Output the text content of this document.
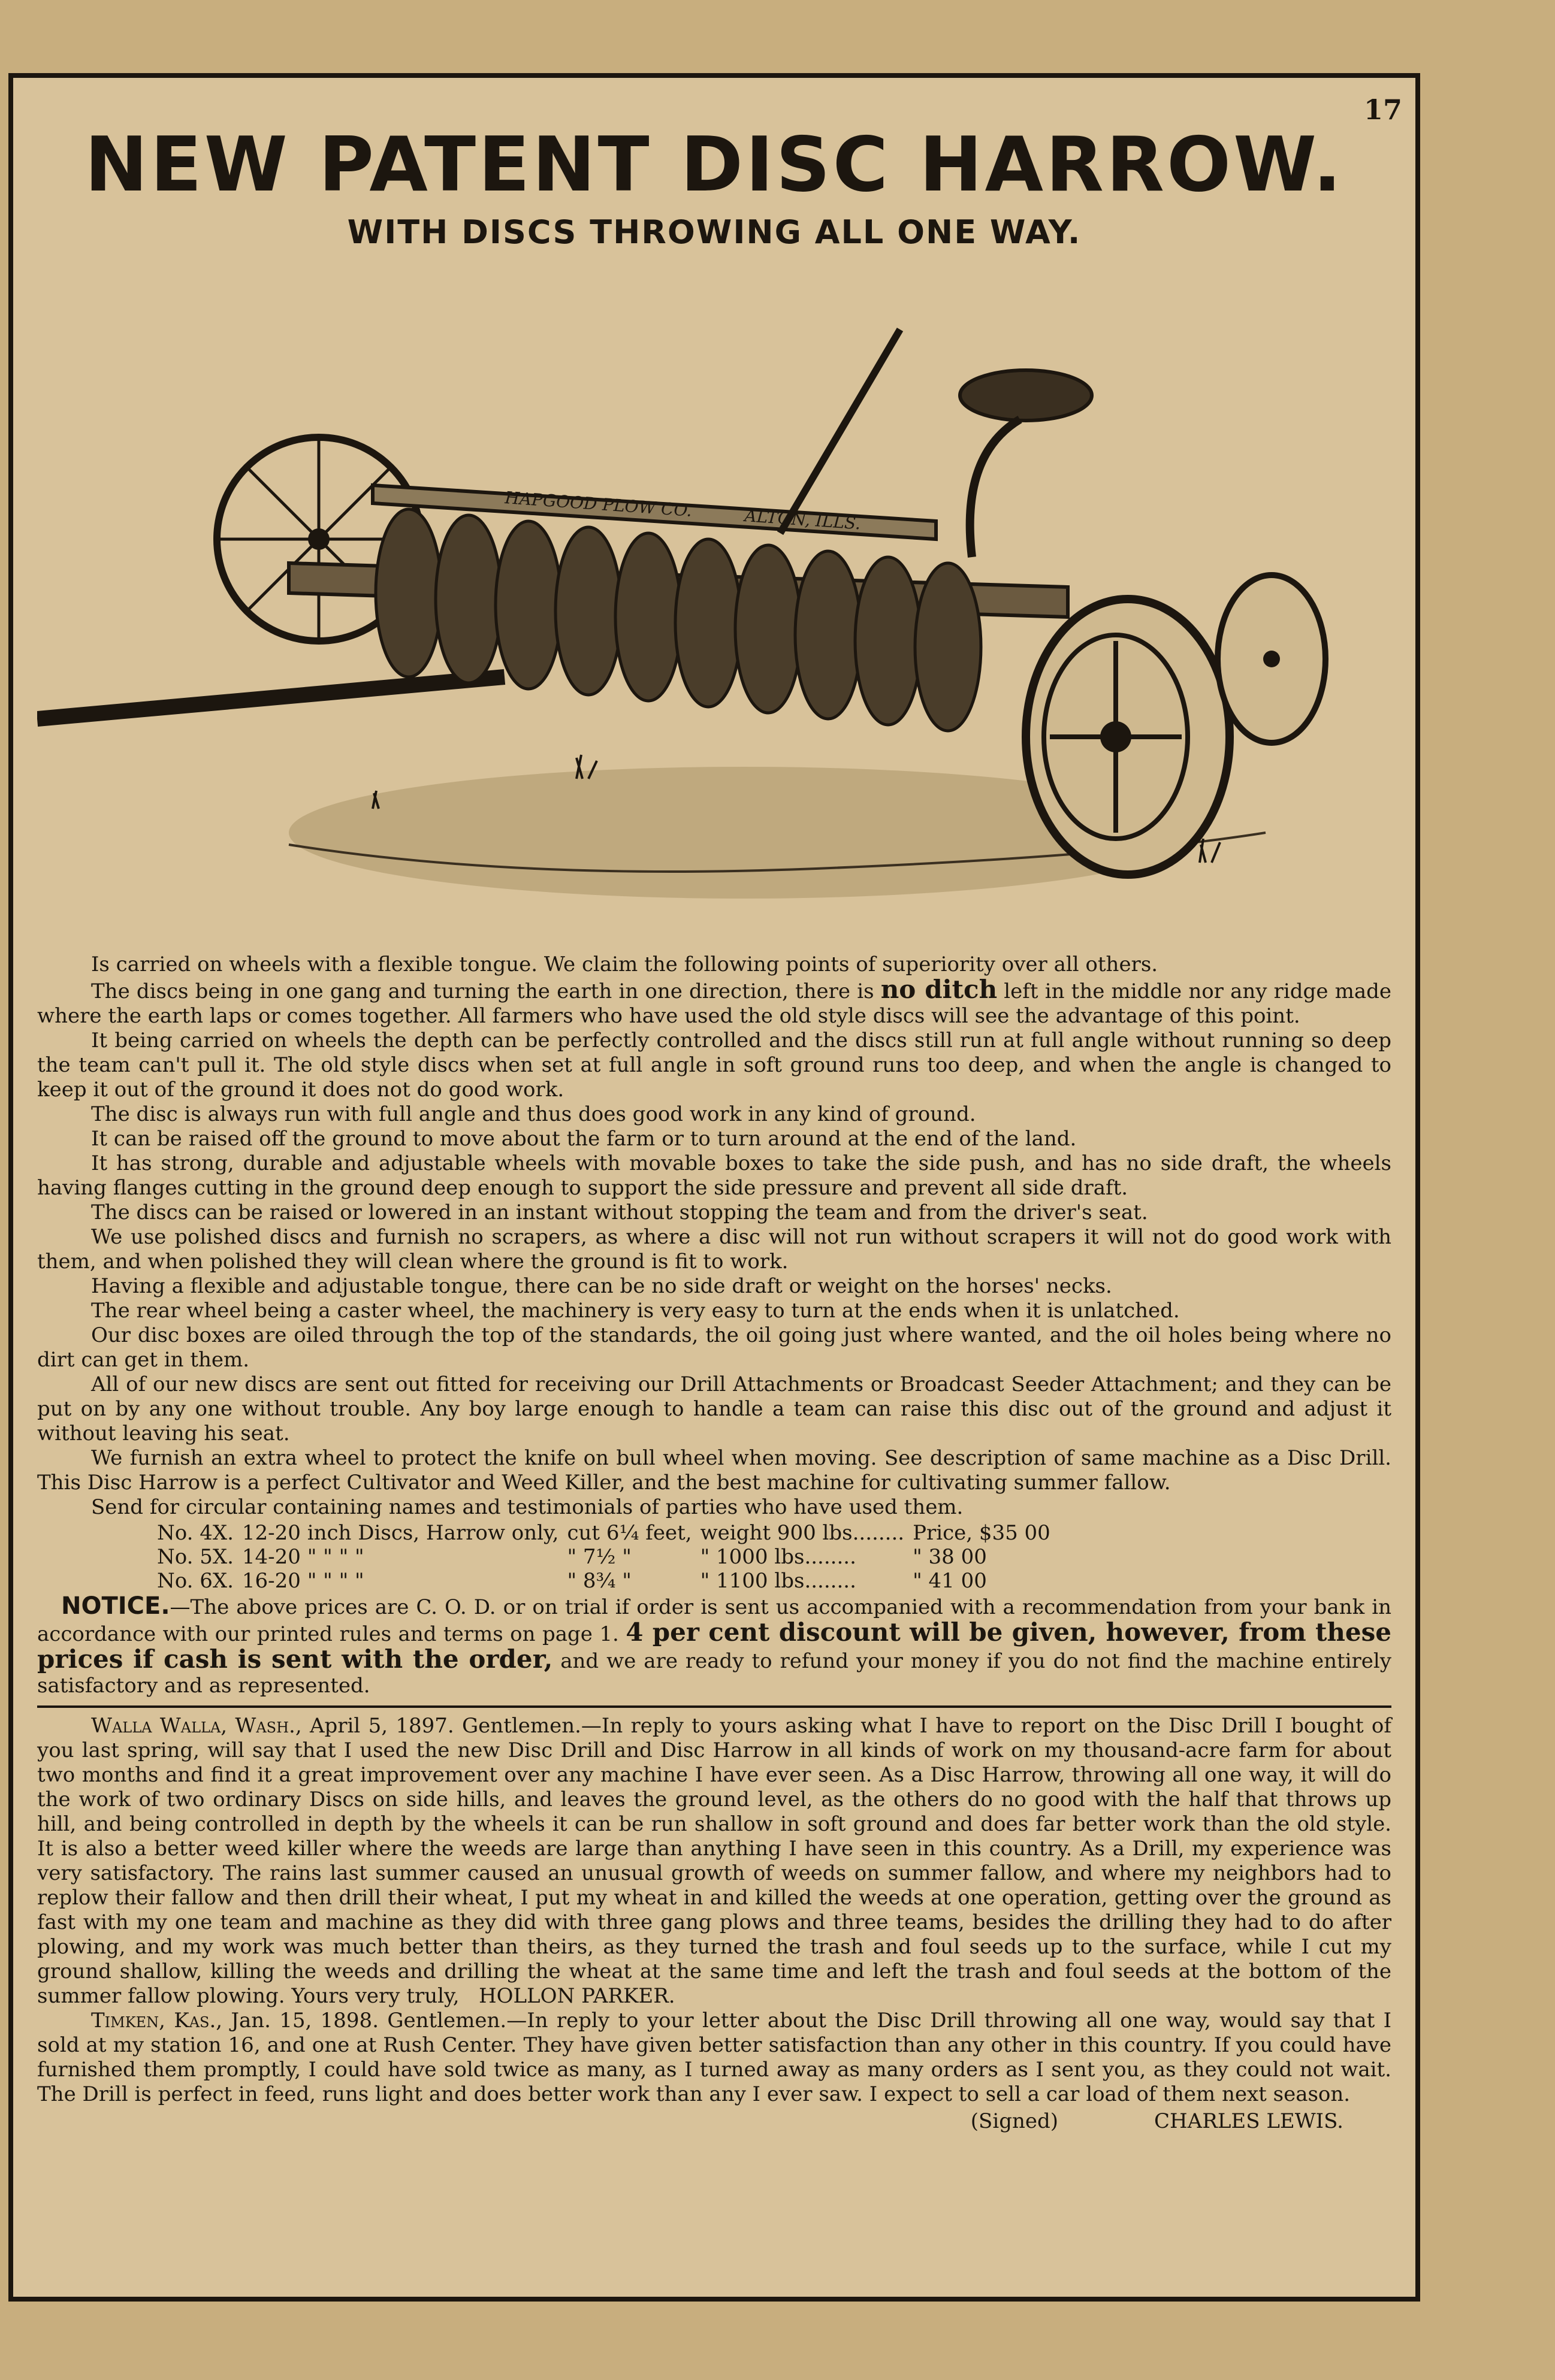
17
NEW PATENT DISC HARROW.
WITH DISCS THROWING ALL ONE WAY.
HAPGOOD PLOW CO.	ALTON, ILLS.

Is carried on wheels with a flexible tongue. We claim the following points of superiority over all others.

The discs being in one gang and turning the earth in one direction, there is no ditch left in the middle nor any ridge made where the earth laps or comes together. All farmers who have used the old style discs will see the advantage of this point.

It being carried on wheels the depth can be perfectly controlled and the discs still run at full angle without running so deep the team can't pull it. The old style discs when set at full angle in soft ground runs too deep, and when the angle is changed to keep it out of the ground it does not do good work.

The disc is always run with full angle and thus does good work in any kind of ground.

It can be raised off the ground to move about the farm or to turn around at the end of the land.

It has strong, durable and adjustable wheels with movable boxes to take the side push, and has no side draft, the wheels having flanges cutting in the ground deep enough to support the side pressure and prevent all side draft.

The discs can be raised or lowered in an instant without stopping the team and from the driver's seat.

We use polished discs and furnish no scrapers, as where a disc will not run without scrapers it will not do good work with them, and when polished they will clean where the ground is fit to work.

Having a flexible and adjustable tongue, there can be no side draft or weight on the horses' necks.

The rear wheel being a caster wheel, the machinery is very easy to turn at the ends when it is unlatched.

Our disc boxes are oiled through the top of the standards, the oil going just where wanted, and the oil holes being where no dirt can get in them.

All of our new discs are sent out fitted for receiving our Drill Attachments or Broadcast Seeder Attachment; and they can be put on by any one without trouble. Any boy large enough to handle a team can raise this disc out of the ground and adjust it without leaving his seat.

We furnish an extra wheel to protect the knife on bull wheel when moving. See description of same machine as a Disc Drill. This Disc Harrow is a perfect Cultivator and Weed Killer, and the best machine for cultivating summer fallow.

Send for circular containing names and testimonials of parties who have used them.

No. 4X.	12-20 inch Discs, Harrow only,	cut 6¼ feet,	weight 900 lbs........	Price, $35 00
No. 5X.	14-20 " " " "	" 7½ "	" 1000 lbs........	" 38 00
No. 6X.	16-20 " " " "	" 8¾ "	" 1100 lbs........	" 41 00

NOTICE.—The above prices are C. O. D. or on trial if order is sent us accompanied with a recommendation from your bank in accordance with our printed rules and terms on page 1. 4 per cent discount will be given, however, from these prices if cash is sent with the order, and we are ready to refund your money if you do not find the machine entirely satisfactory and as represented.

Walla Walla, Wash., April 5, 1897. Gentlemen.—In reply to yours asking what I have to report on the Disc Drill I bought of you last spring, will say that I used the new Disc Drill and Disc Harrow in all kinds of work on my thousand-acre farm for about two months and find it a great improvement over any machine I have ever seen. As a Disc Harrow, throwing all one way, it will do the work of two ordinary Discs on side hills, and leaves the ground level, as the others do no good with the half that throws up hill, and being controlled in depth by the wheels it can be run shallow in soft ground and does far better work than the old style. It is also a better weed killer where the weeds are large than anything I have seen in this country. As a Drill, my experience was very satisfactory. The rains last summer caused an unusual growth of weeds on summer fallow, and where my neighbors had to replow their fallow and then drill their wheat, I put my wheat in and killed the weeds at one operation, getting over the ground as fast with my one team and machine as they did with three gang plows and three teams, besides the drilling they had to do after plowing, and my work was much better than theirs, as they turned the trash and foul seeds up to the surface, while I cut my ground shallow, killing the weeds and drilling the wheat at the same time and left the trash and foul seeds at the bottom of the summer fallow plowing. Yours very truly, HOLLON PARKER.

Timken, Kas., Jan. 15, 1898. Gentlemen.—In reply to your letter about the Disc Drill throwing all one way, would say that I sold at my station 16, and one at Rush Center. They have given better satisfaction than any other in this country. If you could have furnished them promptly, I could have sold twice as many, as I turned away as many orders as I sent you, as they could not wait. The Drill is perfect in feed, runs light and does better work than any I ever saw. I expect to sell a car load of them next season.

(Signed)	CHARLES LEWIS.
